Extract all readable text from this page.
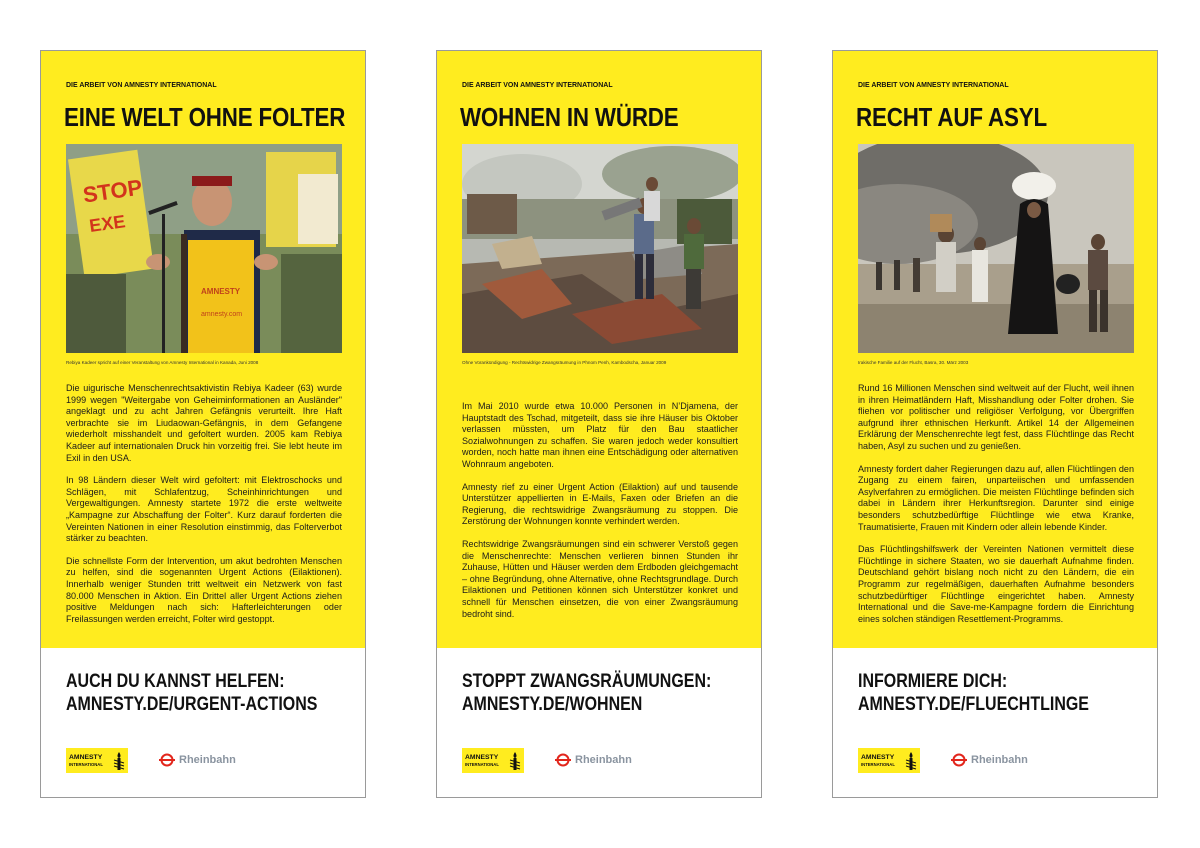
DIE ARBEIT VON AMNESTY INTERNATIONAL
EINE WELT OHNE FOLTER
STOP
EXE
AMNESTY
amnesty.com
Rebiya Kadeer spricht auf einer Veranstaltung von Amnesty International in Kanada, Juni 2008

Die uigurische Menschenrechtsaktivistin Rebiya Kadeer (63) wurde 1999 wegen "Weitergabe von Geheiminformationen an Ausländer" angeklagt und zu acht Jahren Gefängnis verurteilt. Ihre Haft verbrachte sie im Liudaowan-Gefängnis, in dem Gefangene wiederholt misshandelt und gefoltert wurden. 2005 kam Rebiya Kadeer auf internationalen Druck hin vorzeitig frei. Sie lebt heute im Exil in den USA.

In 98 Ländern dieser Welt wird gefoltert: mit Elektroschocks und Schlägen, mit Schlafentzug, Scheinhinrichtungen und Vergewaltigungen. Amnesty startete 1972 die erste weltweite „Kampagne zur Abschaffung der Folter“. Kurz darauf forderten die Vereinten Nationen in einer Resolution einstimmig, das Folterverbot stärker zu beachten.

Die schnellste Form der Intervention, um akut bedrohten Menschen zu helfen, sind die sogenannten Urgent Actions (Eilaktionen). Innerhalb weniger Stunden tritt weltweit ein Netzwerk von fast 80.000 Menschen in Aktion. Ein Drittel aller Urgent Actions ziehen positive Meldungen nach sich: Hafterleichterungen oder Freilassungen werden erreicht, Folter wird gestoppt.

AUCH DU KANNST HELFEN:
AMNESTY.DE/URGENT-ACTIONS
AMNESTY
INTERNATIONAL	Rheinbahn
DIE ARBEIT VON AMNESTY INTERNATIONAL
WOHNEN IN WÜRDE
Ohne Vorankündigung - Rechtswidrige Zwangsräumung in Phnom Penh, Kambodscha, Januar 2009

Im Mai 2010 wurde etwa 10.000 Personen in N’Djamena, der Hauptstadt des Tschad, mitgeteilt, dass sie ihre Häuser bis Oktober verlassen müssten, um Platz für den Bau staatlicher Sozialwohnungen zu schaffen. Sie waren jedoch weder konsultiert worden, noch hatte man ihnen eine Entschädigung oder alternativen Wohnraum angeboten.

Amnesty rief zu einer Urgent Action (Eilaktion) auf und tausende Unterstützer appellierten in E-Mails, Faxen oder Briefen an die Regierung, die rechtswidrige Zwangsräumung zu stoppen. Die Zerstörung der Wohnungen konnte verhindert werden.

Rechtswidrige Zwangsräumungen sind ein schwerer Verstoß gegen die Menschenrechte: Menschen verlieren binnen Stunden ihr Zuhause, Hütten und Häuser werden dem Erdboden gleichgemacht – ohne Begründung, ohne Alternative, ohne Rechtsgrundlage. Durch Eilaktionen und Petitionen können sich Unterstützer konkret und schnell für Menschen einsetzen, die von einer Zwangsräumung bedroht sind.

STOPPT ZWANGSRÄUMUNGEN:
AMNESTY.DE/WOHNEN
AMNESTY
INTERNATIONAL	Rheinbahn
DIE ARBEIT VON AMNESTY INTERNATIONAL
RECHT AUF ASYL
Irakische Familie auf der Flucht, Basra, 30. März 2003

Rund 16 Millionen Menschen sind weltweit auf der Flucht, weil ihnen in ihren Heimatländern Haft, Misshandlung oder Folter drohen. Sie fliehen vor politischer und religiöser Verfolgung, vor Übergriffen aufgrund ihrer ethnischen Herkunft. Artikel 14 der Allgemeinen Erklärung der Menschenrechte legt fest, dass Flüchtlinge das Recht haben, Asyl zu suchen und zu genießen.

Amnesty fordert daher Regierungen dazu auf, allen Flüchtlingen den Zugang zu einem fairen, unparteiischen und umfassenden Asylverfahren zu ermöglichen. Die meisten Flüchtlinge befinden sich dabei in Ländern ihrer Herkunftsregion. Darunter sind einige besonders schutzbedürftige Flüchtlinge wie etwa Kranke, Traumatisierte, Frauen mit Kindern oder allein lebende Kinder.

Das Flüchtlingshilfswerk der Vereinten Nationen vermittelt diese Flüchtlinge in sichere Staaten, wo sie dauerhaft Aufnahme finden. Deutschland gehört bislang noch nicht zu den Ländern, die ein Programm zur regelmäßigen, dauerhaften Aufnahme besonders schutzbedürftiger Flüchtlinge eingerichtet haben. Amnesty International und die Save-me-Kampagne fordern die Einrichtung eines solchen ständigen Resettlement-Programms.

INFORMIERE DICH:
AMNESTY.DE/FLUECHTLINGE
AMNESTY
INTERNATIONAL	Rheinbahn
